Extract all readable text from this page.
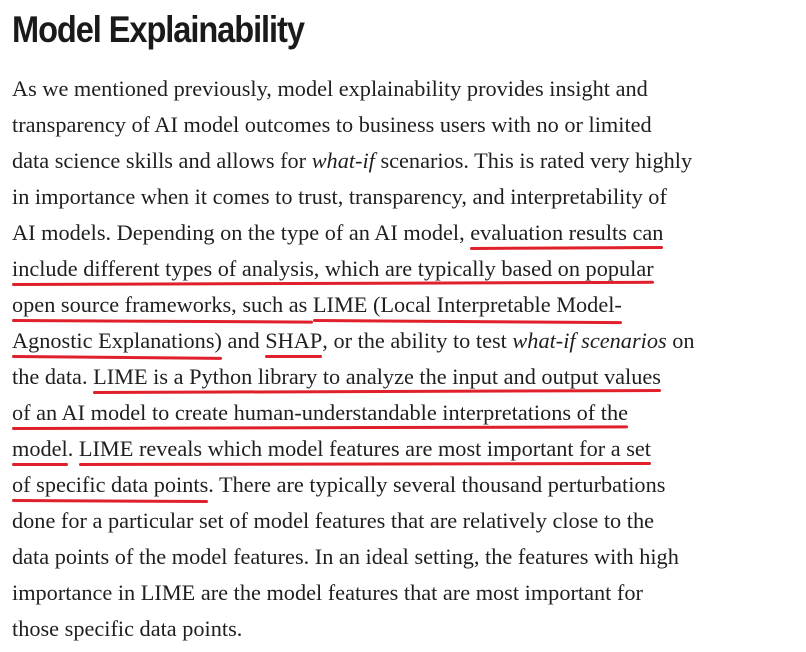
Model Explainability
As we mentioned previously, model explainability provides insight and
transparency of AI model outcomes to business users with no or limited
data science skills and allows for what-if scenarios. This is rated very highly
in importance when it comes to trust, transparency, and interpretability of
AI models. Depending on the type of an AI model, evaluation results can
include different types of analysis, which are typically based on popular
open source frameworks, such as LIME (Local Interpretable Model-
Agnostic Explanations) and SHAP, or the ability to test what-if scenarios on
the data. LIME is a Python library to analyze the input and output values
of an AI model to create human-understandable interpretations of the
model. LIME reveals which model features are most important for a set
of specific data points. There are typically several thousand perturbations
done for a particular set of model features that are relatively close to the
data points of the model features. In an ideal setting, the features with high
importance in LIME are the model features that are most important for
those specific data points.
